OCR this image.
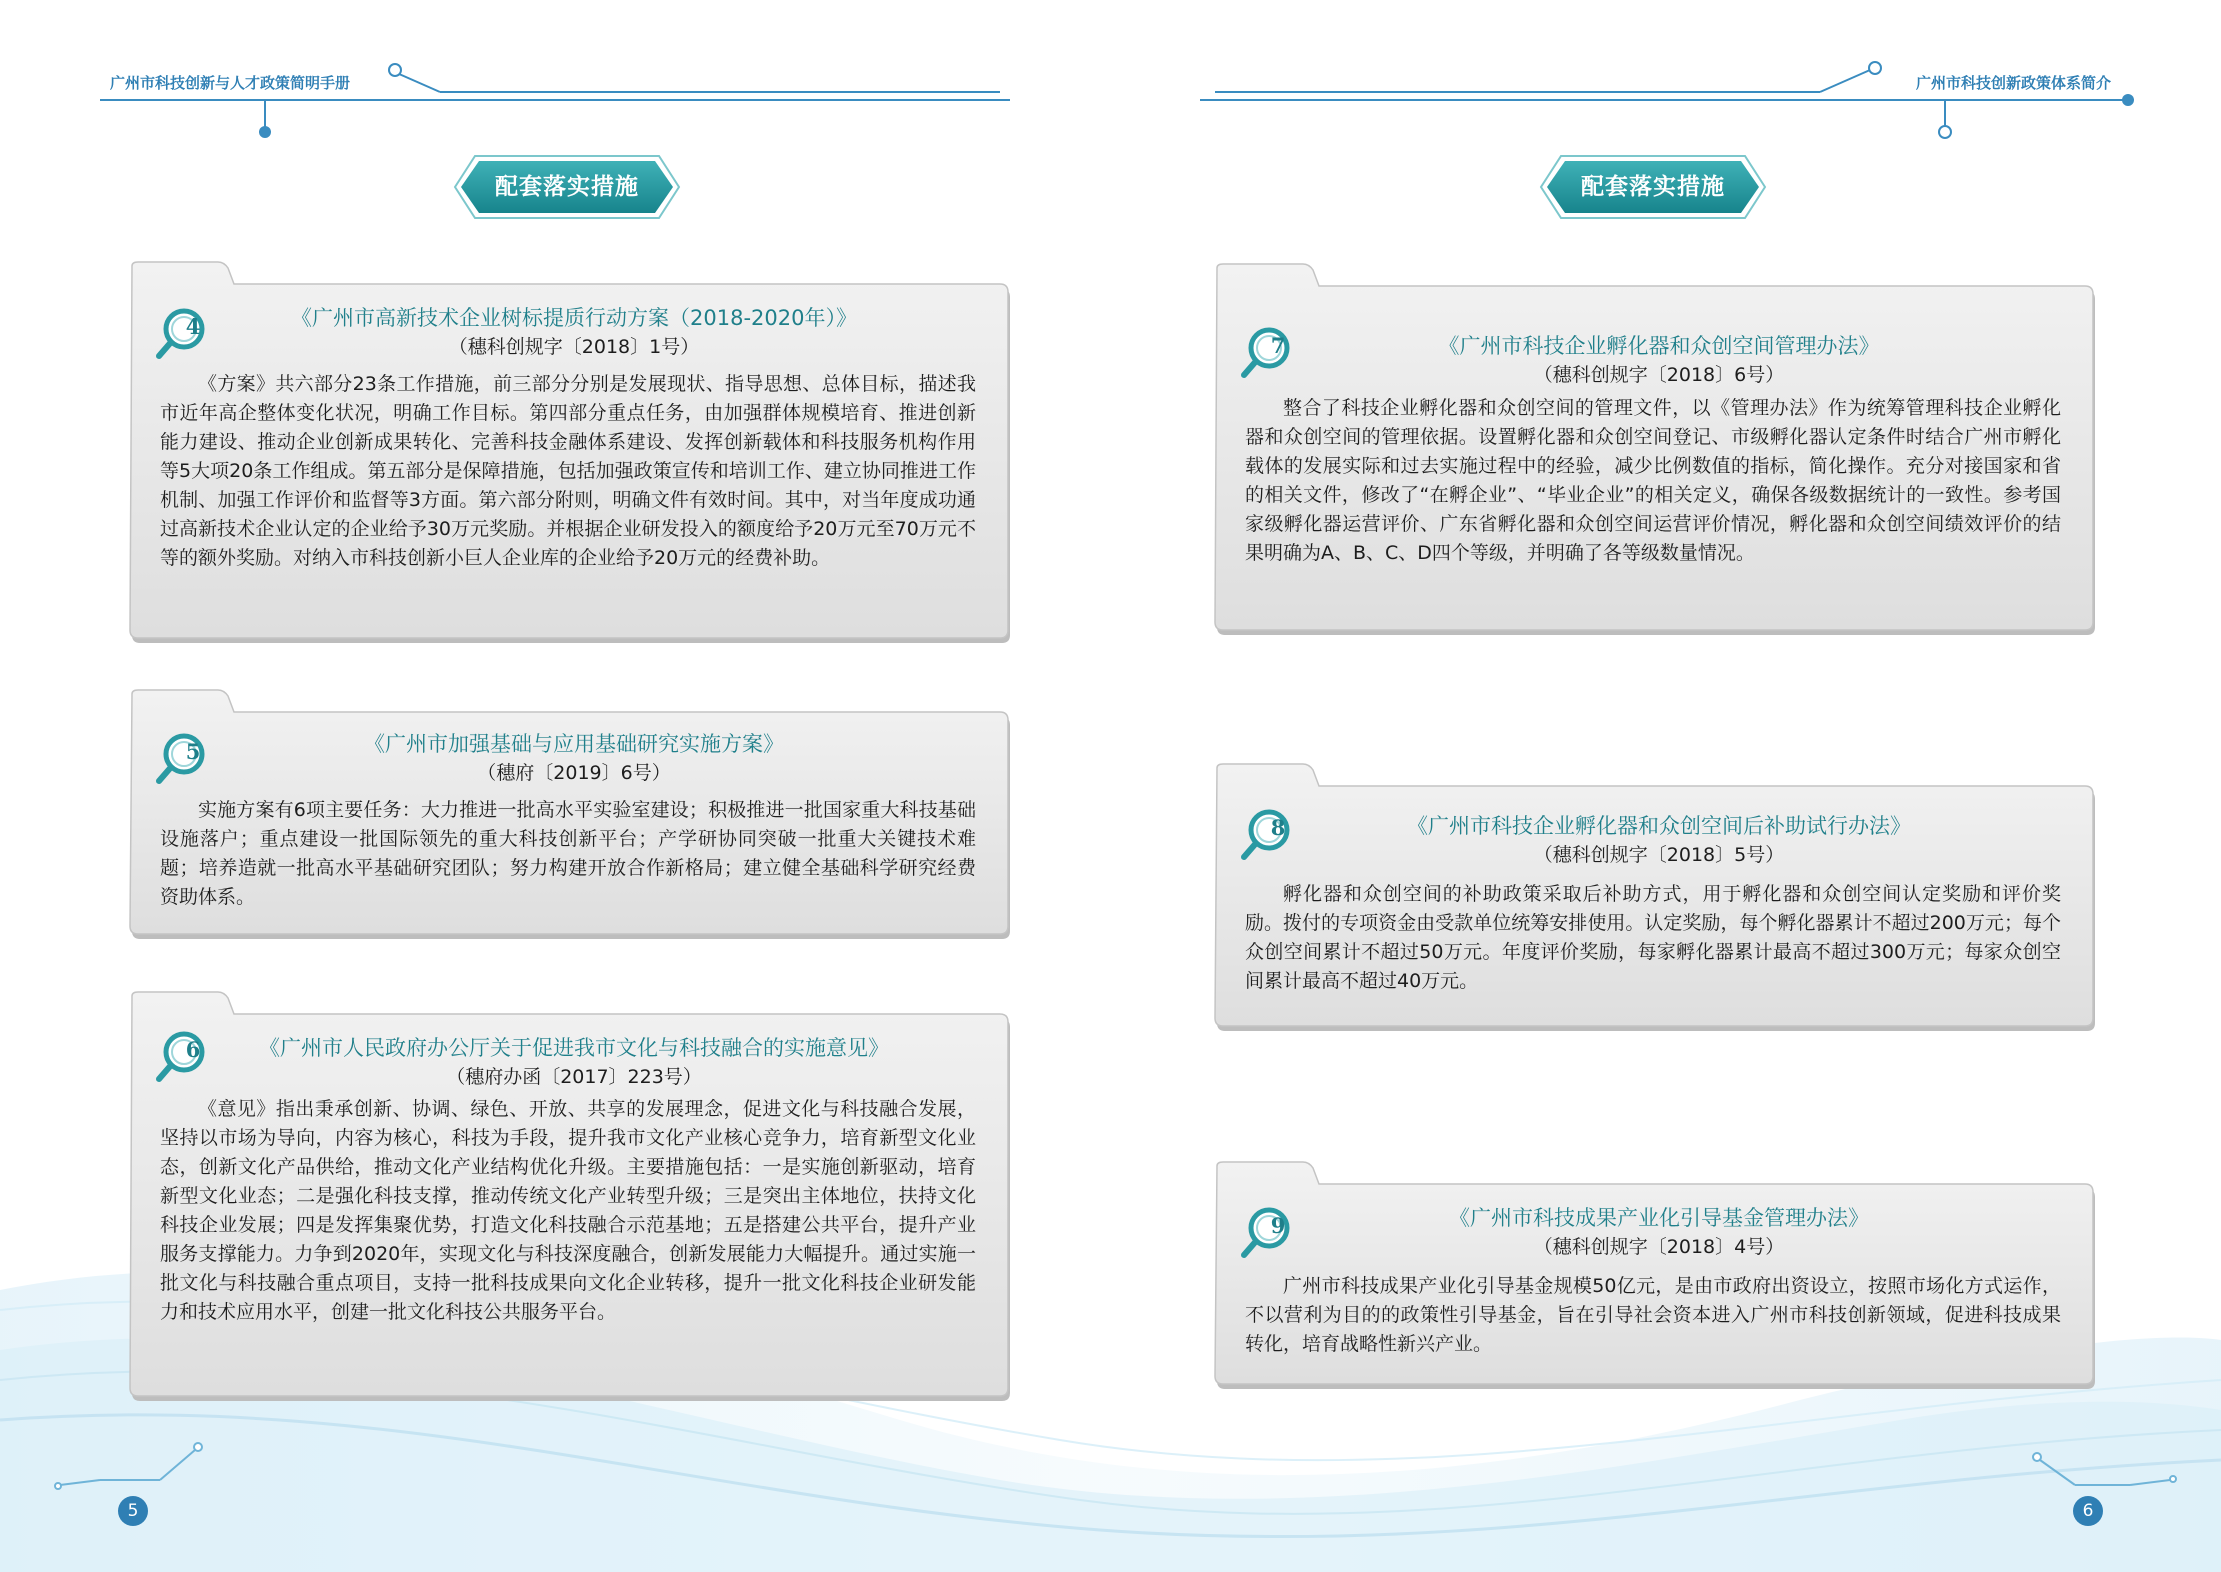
广州市科技创新与人才政策简明手册	广州市科技创新政策体系简介
配套落实措施	配套落实措施
4	《广州市高新技术企业树标提质行动方案（2018-2020年）》
（穗科创规字〔2018〕1号）

《方案》共六部分23条工作措施，前三部分分别是发展现状、指导思想、总体目标，描述我市近年高企整体变化状况，明确工作目标。第四部分重点任务，由加强群体规模培育、推进创新能力建设、推动企业创新成果转化、完善科技金融体系建设、发挥创新载体和科技服务机构作用等5大项20条工作组成。第五部分是保障措施，包括加强政策宣传和培训工作、建立协同推进工作机制、加强工作评价和监督等3方面。第六部分附则，明确文件有效时间。其中，对当年度成功通过高新技术企业认定的企业给予30万元奖励。并根据企业研发投入的额度给予20万元至70万元不等的额外奖励。对纳入市科技创新小巨人企业库的企业给予20万元的经费补助。

5	《广州市加强基础与应用基础研究实施方案》
（穗府〔2019〕6号）

实施方案有6项主要任务：大力推进一批高水平实验室建设；积极推进一批国家重大科技基础设施落户；重点建设一批国际领先的重大科技创新平台；产学研协同突破一批重大关键技术难题；培养造就一批高水平基础研究团队；努力构建开放合作新格局；建立健全基础科学研究经费资助体系。

6	《广州市人民政府办公厅关于促进我市文化与科技融合的实施意见》
（穗府办函〔2017〕223号）

《意见》指出秉承创新、协调、绿色、开放、共享的发展理念，促进文化与科技融合发展，坚持以市场为导向，内容为核心，科技为手段，提升我市文化产业核心竞争力，培育新型文化业态，创新文化产品供给，推动文化产业结构优化升级。主要措施包括：一是实施创新驱动，培育新型文化业态；二是强化科技支撑，推动传统文化产业转型升级；三是突出主体地位，扶持文化科技企业发展；四是发挥集聚优势，打造文化科技融合示范基地；五是搭建公共平台，提升产业服务支撑能力。力争到2020年，实现文化与科技深度融合，创新发展能力大幅提升。通过实施一批文化与科技融合重点项目，支持一批科技成果向文化企业转移，提升一批文化科技企业研发能力和技术应用水平，创建一批文化科技公共服务平台。

7	《广州市科技企业孵化器和众创空间管理办法》
（穗科创规字〔2018〕6号）

整合了科技企业孵化器和众创空间的管理文件，以《管理办法》作为统筹管理科技企业孵化器和众创空间的管理依据。设置孵化器和众创空间登记、市级孵化器认定条件时结合广州市孵化载体的发展实际和过去实施过程中的经验，减少比例数值的指标，简化操作。充分对接国家和省的相关文件，修改了“在孵企业”、“毕业企业”的相关定义，确保各级数据统计的一致性。参考国家级孵化器运营评价、广东省孵化器和众创空间运营评价情况，孵化器和众创空间绩效评价的结果明确为A、B、C、D四个等级，并明确了各等级数量情况。

8	《广州市科技企业孵化器和众创空间后补助试行办法》
（穗科创规字〔2018〕5号）

孵化器和众创空间的补助政策采取后补助方式，用于孵化器和众创空间认定奖励和评价奖励。拨付的专项资金由受款单位统筹安排使用。认定奖励，每个孵化器累计不超过200万元；每个众创空间累计不超过50万元。年度评价奖励，每家孵化器累计最高不超过300万元；每家众创空间累计最高不超过40万元。

9	《广州市科技成果产业化引导基金管理办法》
（穗科创规字〔2018〕4号）

广州市科技成果产业化引导基金规模50亿元，是由市政府出资设立，按照市场化方式运作，不以营利为目的的政策性引导基金，旨在引导社会资本进入广州市科技创新领域，促进科技成果转化，培育战略性新兴产业。

5	6
